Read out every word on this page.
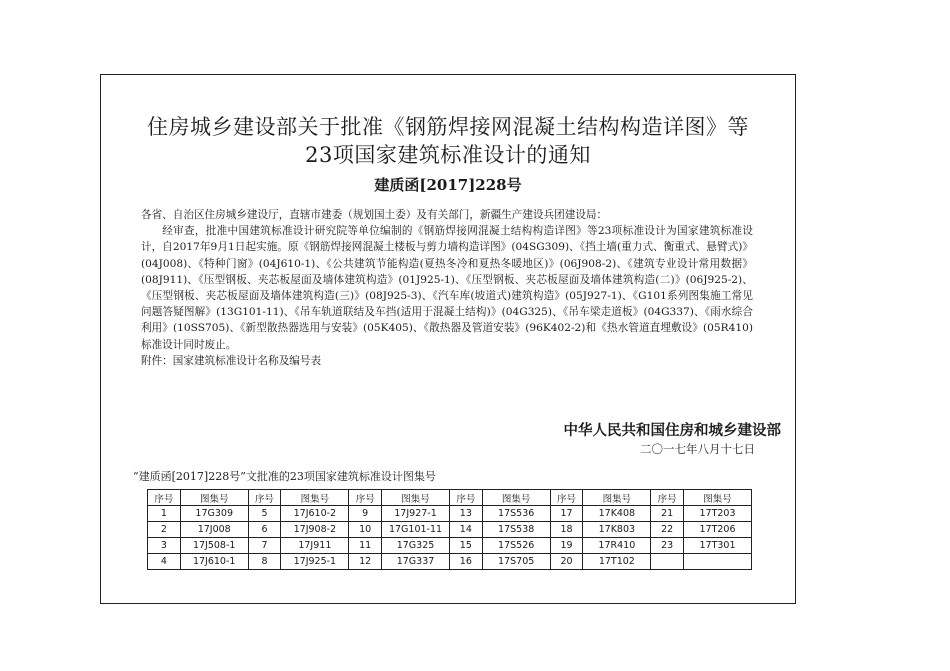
住房城乡建设部关于批准《钢筋焊接网混凝土结构构造详图》等
23项国家建筑标准设计的通知
建质函[2017]228号

各省、自治区住房城乡建设厅，直辖市建委（规划国土委）及有关部门，新疆生产建设兵团建设局：

经审查，批准中国建筑标准设计研究院等单位编制的《钢筋焊接网混凝土结构构造详图》等23项标准设计为国家建筑标准设计，自2017年9月1日起实施。原《钢筋焊接网混凝土楼板与剪力墙构造详图》(04SG309)、《挡土墙(重力式、衡重式、悬臂式)》(04J008)、《特种门窗》(04J610-1)、《公共建筑节能构造(夏热冬冷和夏热冬暖地区)》(06J908-2)、《建筑专业设计常用数据》(08J911)、《压型钢板、夹芯板屋面及墙体建筑构造》(01J925-1)、《压型钢板、夹芯板屋面及墙体建筑构造(二)》(06J925-2)、《压型钢板、夹芯板屋面及墙体建筑构造(三)》(08J925-3)、《汽车库(坡道式)建筑构造》(05J927-1)、《G101系列图集施工常见问题答疑图解》(13G101-11)、《吊车轨道联结及车挡(适用于混凝土结构)》(04G325)、《吊车梁走道板》(04G337)、《雨水综合利用》(10SS705)、《新型散热器选用与安装》(05K405)、《散热器及管道安装》(96K402-2)和《热水管道直埋敷设》(05R410)标准设计同时废止。

附件：国家建筑标准设计名称及编号表

中华人民共和国住房和城乡建设部
二〇一七年八月十七日
“建质函[2017]228号”文批准的23项国家建筑标准设计图集号
序号	图集号	序号	图集号	序号	图集号	序号	图集号	序号	图集号	序号	图集号
1	17G309	5	17J610-2	9	17J927-1	13	17S536	17	17K408	21	17T203
2	17J008	6	17J908-2	10	17G101-11	14	17S538	18	17K803	22	17T206
3	17J508-1	7	17J911	11	17G325	15	17S526	19	17R410	23	17T301
4	17J610-1	8	17J925-1	12	17G337	16	17S705	20	17T102		
